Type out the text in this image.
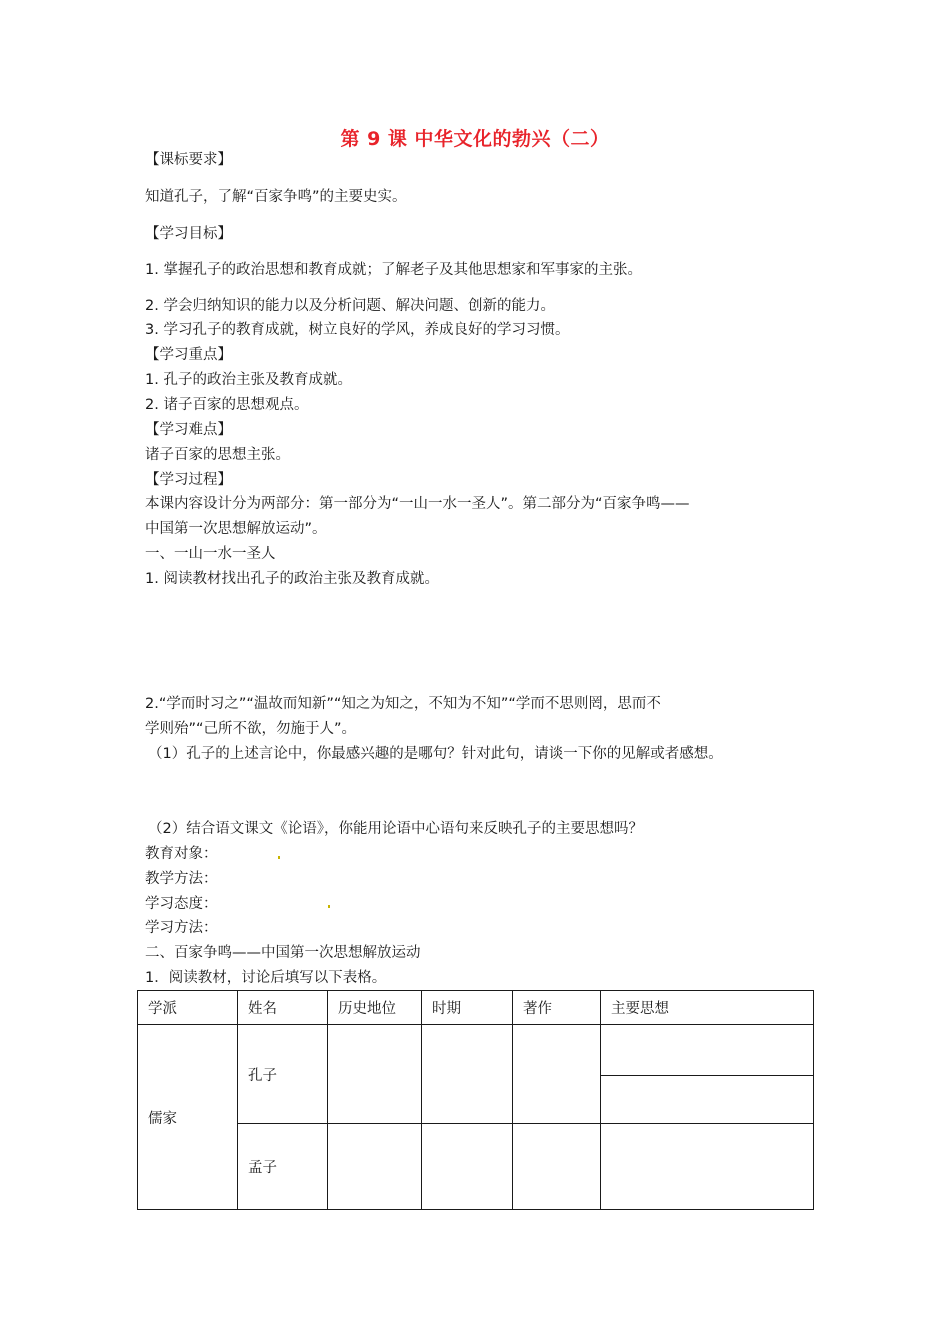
第 9 课 中华文化的勃兴（二）
【课标要求】
知道孔子，了解“百家争鸣”的主要史实。
【学习目标】
1. 掌握孔子的政治思想和教育成就；了解老子及其他思想家和军事家的主张。
2. 学会归纳知识的能力以及分析问题、解决问题、创新的能力。
3. 学习孔子的教育成就，树立良好的学风，养成良好的学习习惯。
【学习重点】
1. 孔子的政治主张及教育成就。
2. 诸子百家的思想观点。
【学习难点】
诸子百家的思想主张。
【学习过程】
本课内容设计分为两部分：第一部分为“一山一水一圣人”。第二部分为“百家争鸣——
中国第一次思想解放运动”。
一、一山一水一圣人
1. 阅读教材找出孔子的政治主张及教育成就。
2.“学而时习之”“温故而知新”“知之为知之，不知为不知”“学而不思则罔，思而不
学则殆”“己所不欲，勿施于人”。
（1）孔子的上述言论中，你最感兴趣的是哪句？针对此句，请谈一下你的见解或者感想。
（2）结合语文课文《论语》，你能用论语中心语句来反映孔子的主要思想吗？
教育对象：
教学方法：
学习态度：
学习方法：
二、百家争鸣——中国第一次思想解放运动
1．阅读教材，讨论后填写以下表格。
学派	姓名	历史地位	时期	著作	主要思想
儒家	孔子				

	孟子				
